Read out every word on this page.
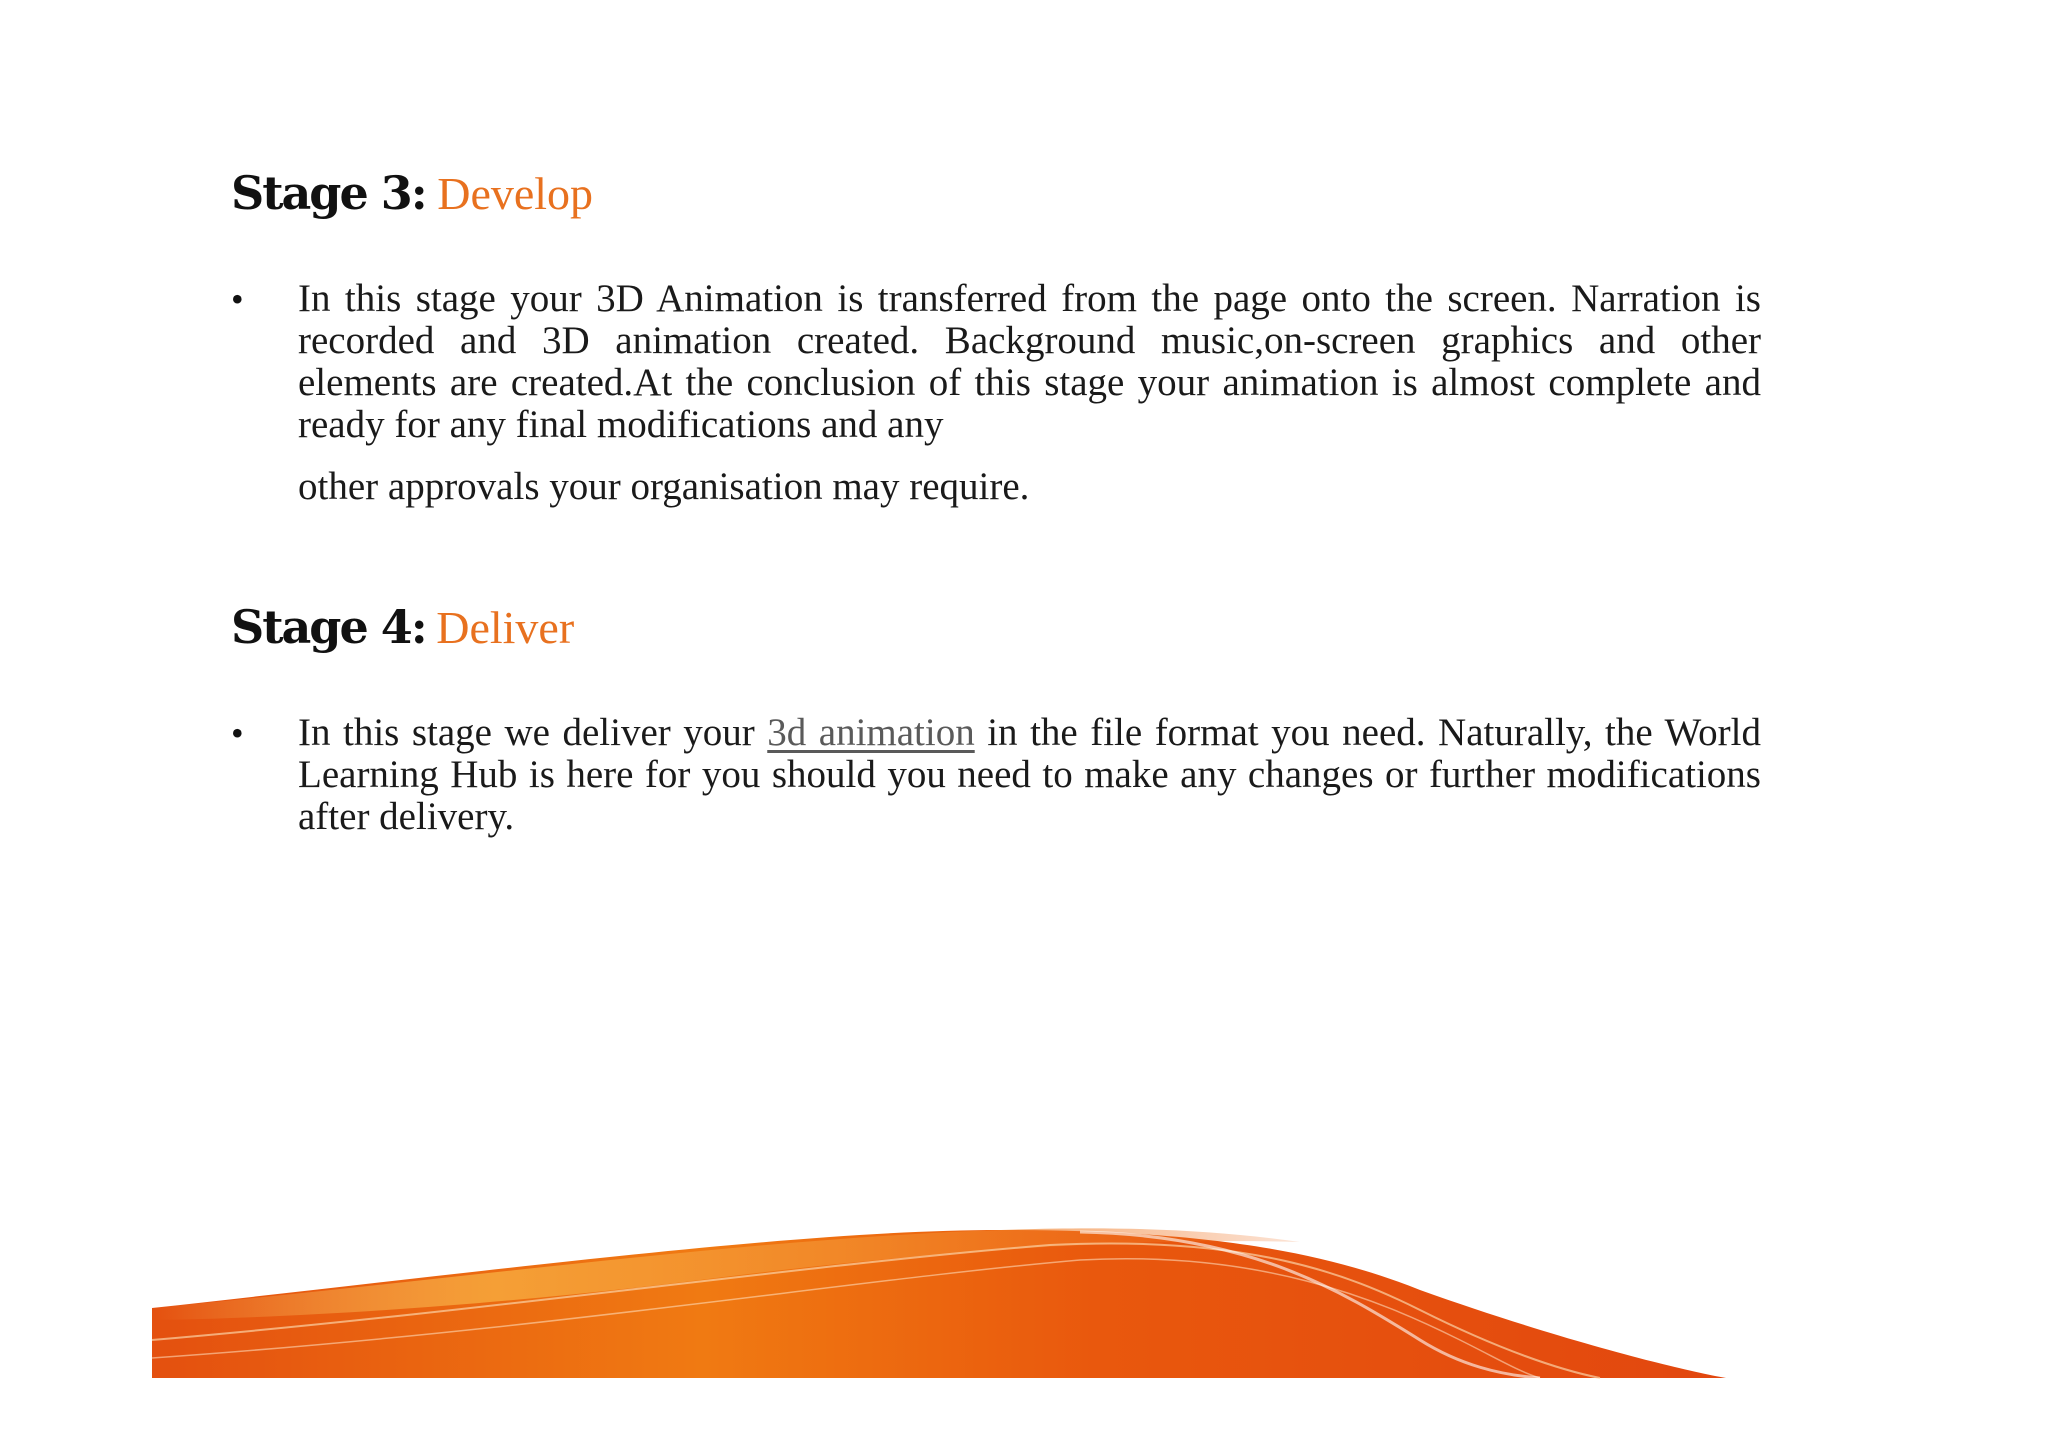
Stage 3: Develop
• In this stage your 3D Animation is transferred from the page onto the screen. Narration is recorded and 3D animation created. Background music,on-screen graphics and other elements are created.At the conclusion of this stage your animation is almost complete and ready for any final modifications and any
other approvals your organisation may require.
Stage 4: Deliver
• In this stage we deliver your 3d animation in the file format you need. Naturally, the World Learning Hub is here for you should you need to make any changes or further modifications after delivery.
